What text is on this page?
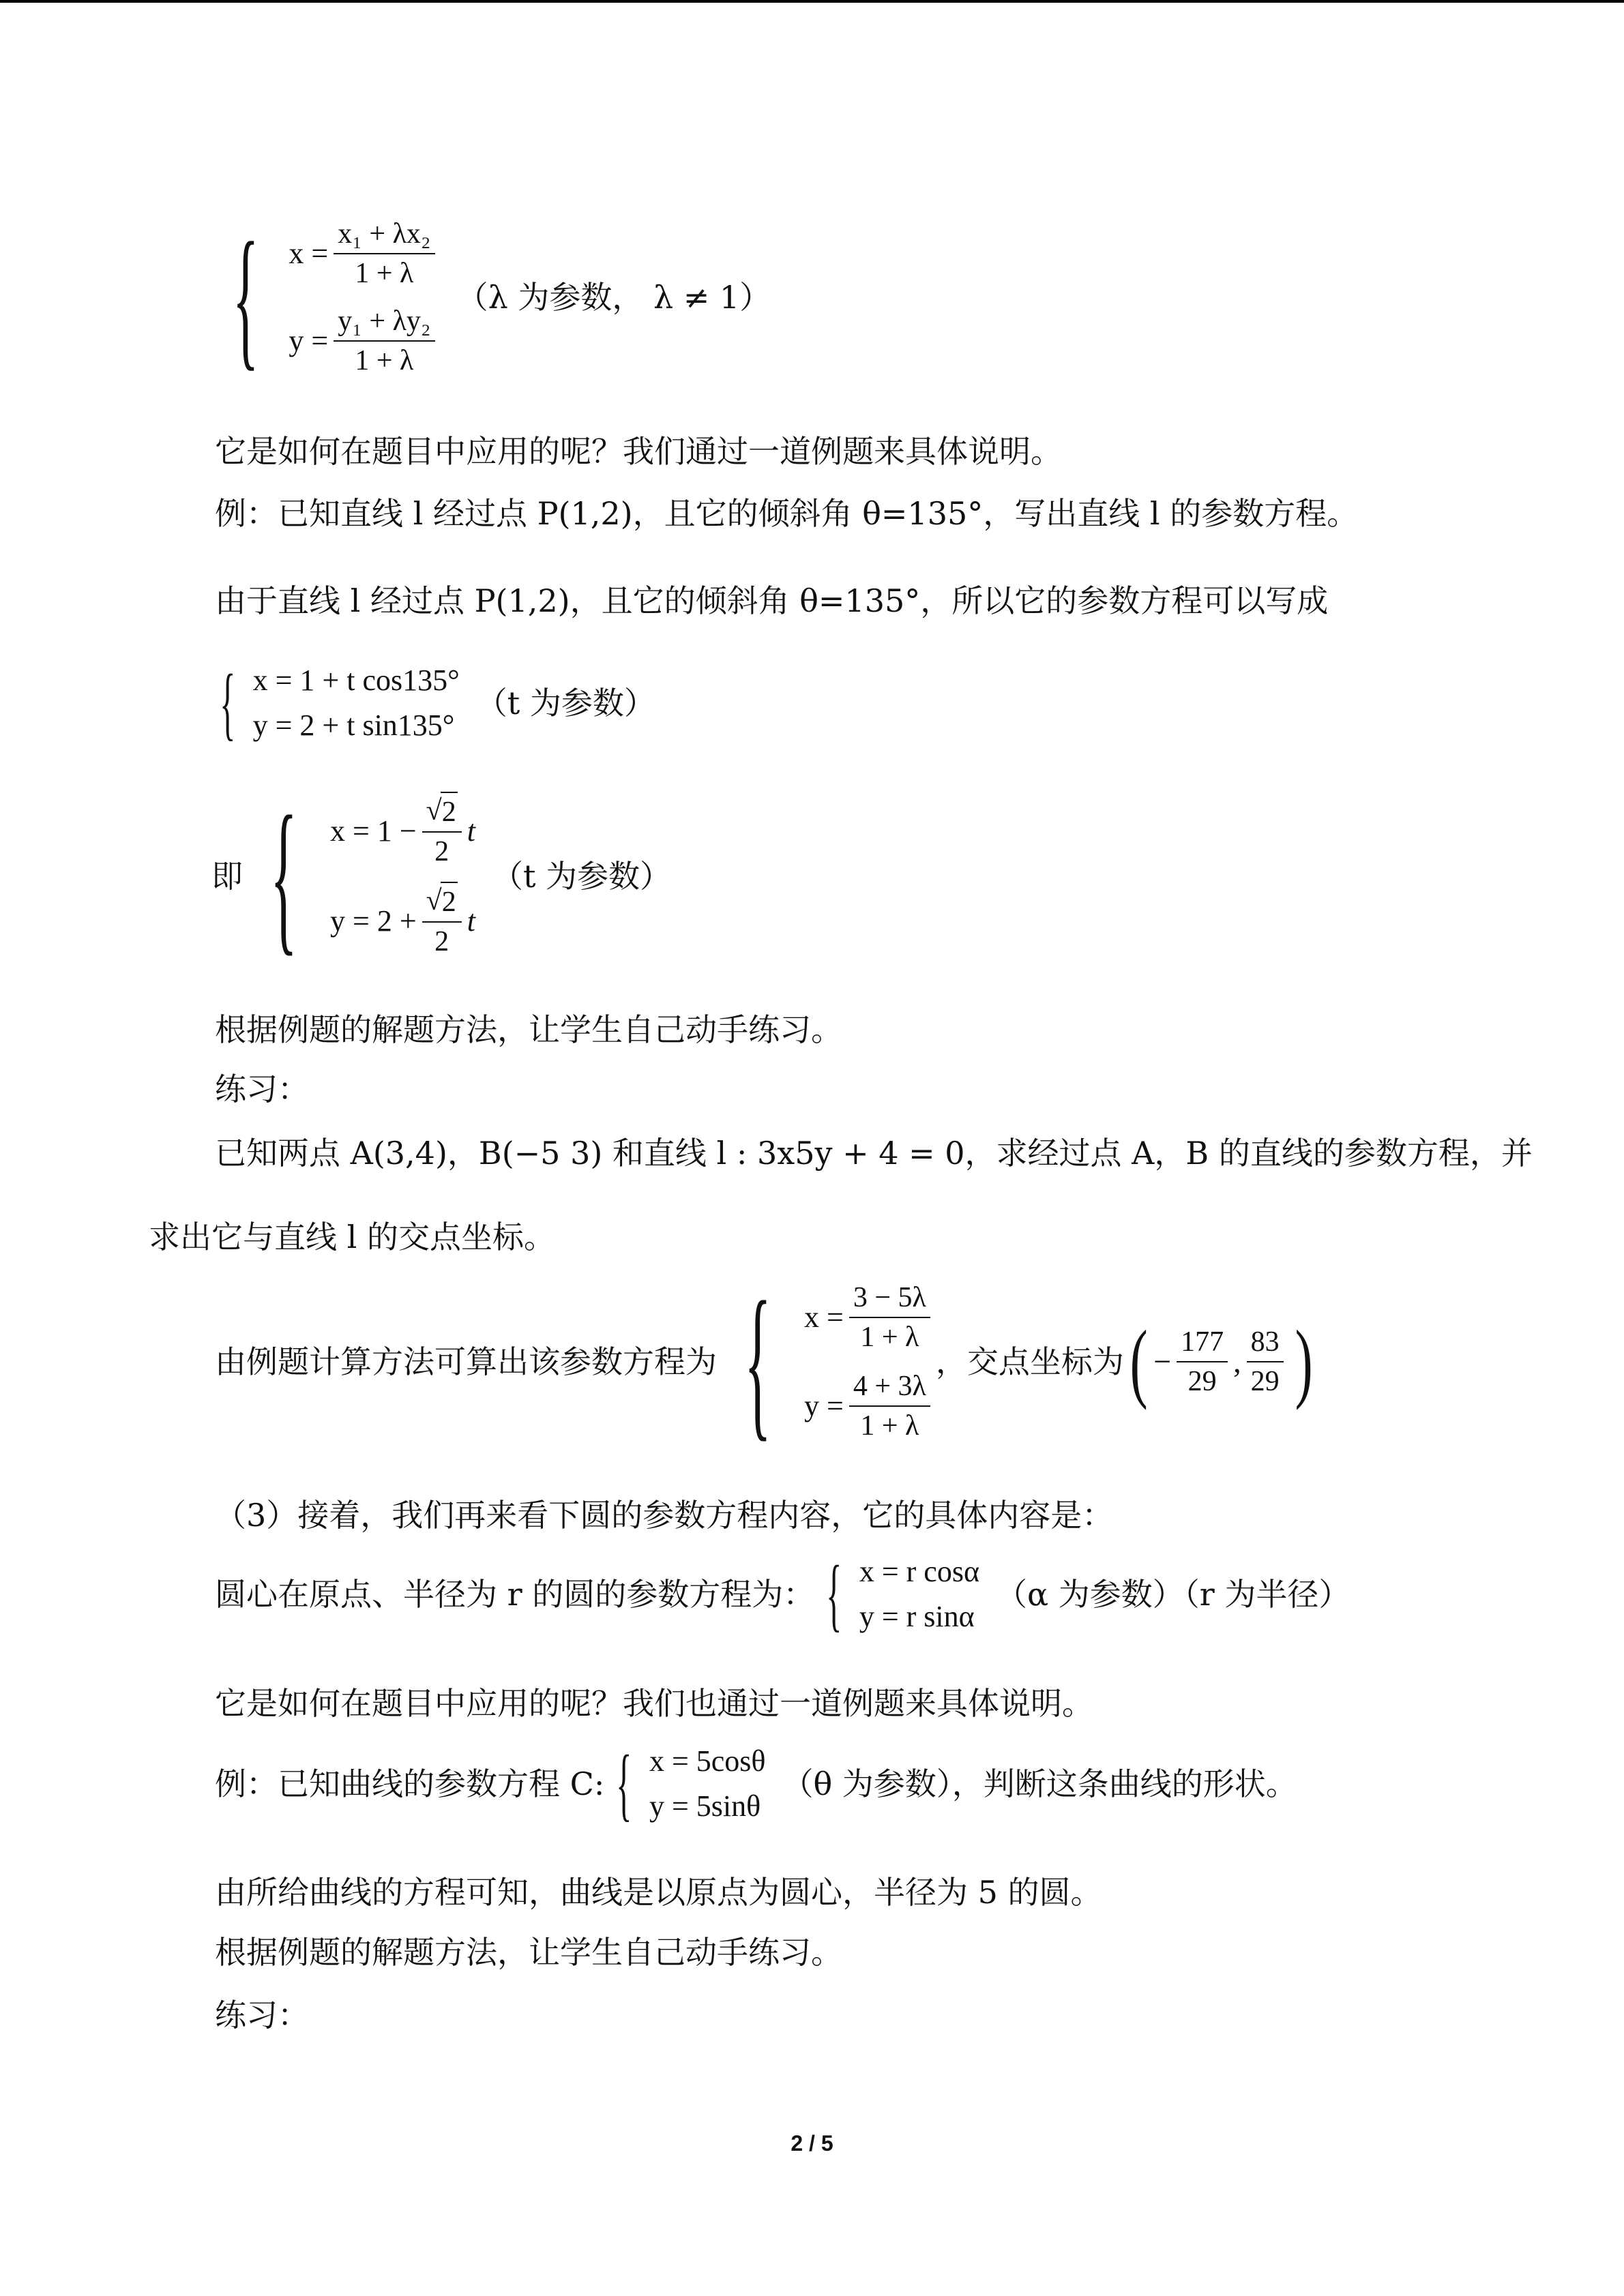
{ $x = \frac{\text{x₁ + λx₂}}{1 + \lambda}$
$y = \frac{\text{y₁ + λy₂}}{1 + \lambda}$
（λ 为参数， λ ≠ 1）
它是如何在题目中应用的呢？我们通过一道例题来具体说明。
例：已知直线 l 经过点 P(1,2)，且它的倾斜角 θ=135°，写出直线 l 的参数方程。
由于直线 l 经过点 P(1,2)，且它的倾斜角 θ=135°，所以它的参数方程可以写成
{ x = 1 + t cos135°
y = 2 + t sin135°
（t 为参数）
即 { $x = 1 - \frac{√ 2}{2}$ t
$y = 2 + \frac{√ 2}{2}$ t
（t 为参数）
根据例题的解题方法，让学生自己动手练习。
练习：
已知两点 A(3,4)，B(−5 3) 和直线 l : 3x5y + 4 = 0，求经过点 A，B 的直线的参数方程，并
求出它与直线 l 的交点坐标。
由例题计算方法可算出该参数方程为 { $x = \frac{3 - 5\lambda}{1 + \lambda}$
$y = \frac{4 + 3\lambda}{1 + \lambda}$
，交点坐标为 ( − $\frac{177}{29}$ , $\frac{83}{29}$ )
（3）接着，我们再来看下圆的参数方程内容，它的具体内容是：
圆心在原点、半径为 r 的圆的参数方程为： { x = r cosα
y = r sinα
（α 为参数）（r 为半径）
它是如何在题目中应用的呢？我们也通过一道例题来具体说明。
例：已知曲线的参数方程 C: { x = 5cosθ
y = 5sinθ
（θ 为参数），判断这条曲线的形状。
由所给曲线的方程可知，曲线是以原点为圆心，半径为 5 的圆。
根据例题的解题方法，让学生自己动手练习。
练习：
2 / 5
